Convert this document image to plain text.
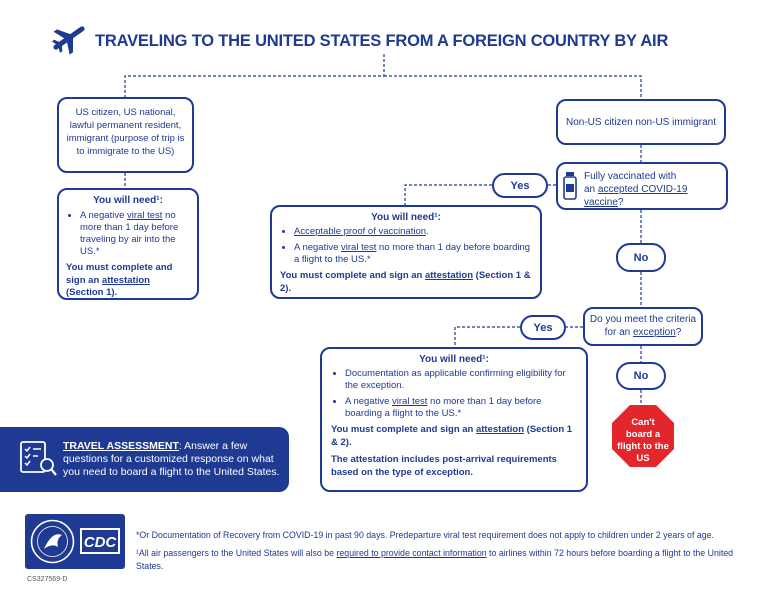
TRAVELING TO THE UNITED STATES FROM A FOREIGN COUNTRY BY AIR
US citizen, US national, lawful permanent resident, immigrant (purpose of trip is to immigrate to the US)
You will need¹:
• A negative viral test no more than 1 day before traveling by air into the US.*
You must complete and sign an attestation (Section 1).
Non-US citizen non-US immigrant
Fully vaccinated with
an accepted COVID-19 vaccine?
Yes
No
You will need¹:
• Acceptable proof of vaccination.
• A negative viral test no more than 1 day before boarding a flight to the US.*
You must complete and sign an attestation (Section 1 & 2).
Do you meet the criteria
for an exception?
Yes
No
You will need¹:
• Documentation as applicable confirming eligibility for the exception.
• A negative viral test no more than 1 day before boarding a flight to the US.*
You must complete and sign an attestation (Section 1 & 2).
The attestation includes post-arrival requirements based on the type of exception.
Can't board a flight to the US
TRAVEL ASSESSMENT: Answer a few questions for a customized response on what you need to board a flight to the United States.
CDC	*Or Documentation of Recovery from COVID-19 in past 90 days. Predeparture viral test requirement does not apply to children under 2 years of age.
¹All air passengers to the United States will also be required to provide contact information to airlines within 72 hours before boarding a flight to the United States.
CS327569-D
